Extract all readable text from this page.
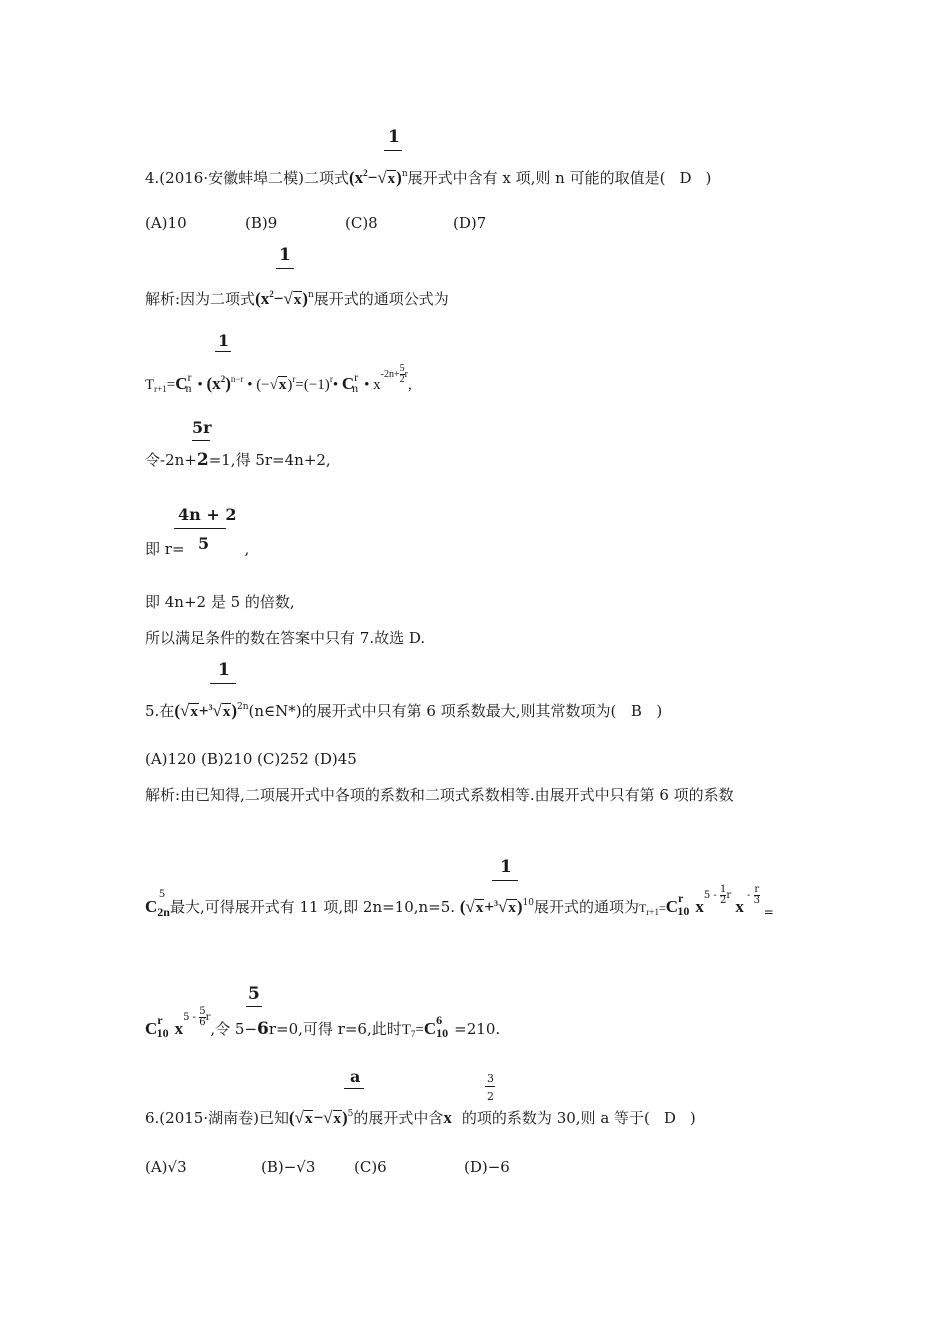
1
4.(2016·安徽蚌埠二模)二项式$(x^2-√x)^n$展开式中含有 x 项,则 n 可能的取值是( D )
(A)10	(B)9	(C)8	(D)7
1
解析:因为二项式$(x^2-√x)^n$展开式的通项公式为
1
$T_{r+1}=C^r_n$ • $(x^2)^{n-r}$ • $(-√x)^r=(-1)^r•$ $C^r_n$ • $x^{-2n+ \frac{5}{2} r}$,
5r
令-2n+2=1,得 5r=4n+2,
4n + 2
5
即 r=	,
即 4n+2 是 5 的倍数,
所以满足条件的数在答案中只有 7.故选 D.
1
5.在$(√x+^3√x)^{2n}(n\in N*)$的展开式中只有第 6 项系数最大,则其常数项为( B )
(A)120 (B)210 (C)252 (D)45
解析:由已知得,二项展开式中各项的系数和二项式系数相等.由展开式中只有第 6 项的系数
1
C
5
$_{2n}$最大,可得展开式有 11 项,即 2n=10,n=5. $(√x+^3√x)^{10}$展开式的通项为$T_{r+1}=C^r10$ $x^{5 - \frac{1}{2} r}$ x $^{- \frac{r}{3}}$
$_=$
5
$C^r10$ $x^{5 - \frac{5}{6} r}$,令 5−6r=0,可得 r=6,此时$T_7=C^610 =210$.
a	3
2
6.(2015·湖南卷)已知$(√x-√x)^5$的展开式中含x 的项的系数为 30,则 a 等于( D )
(A)√3	(B)−√3	(C)6	(D)−6
